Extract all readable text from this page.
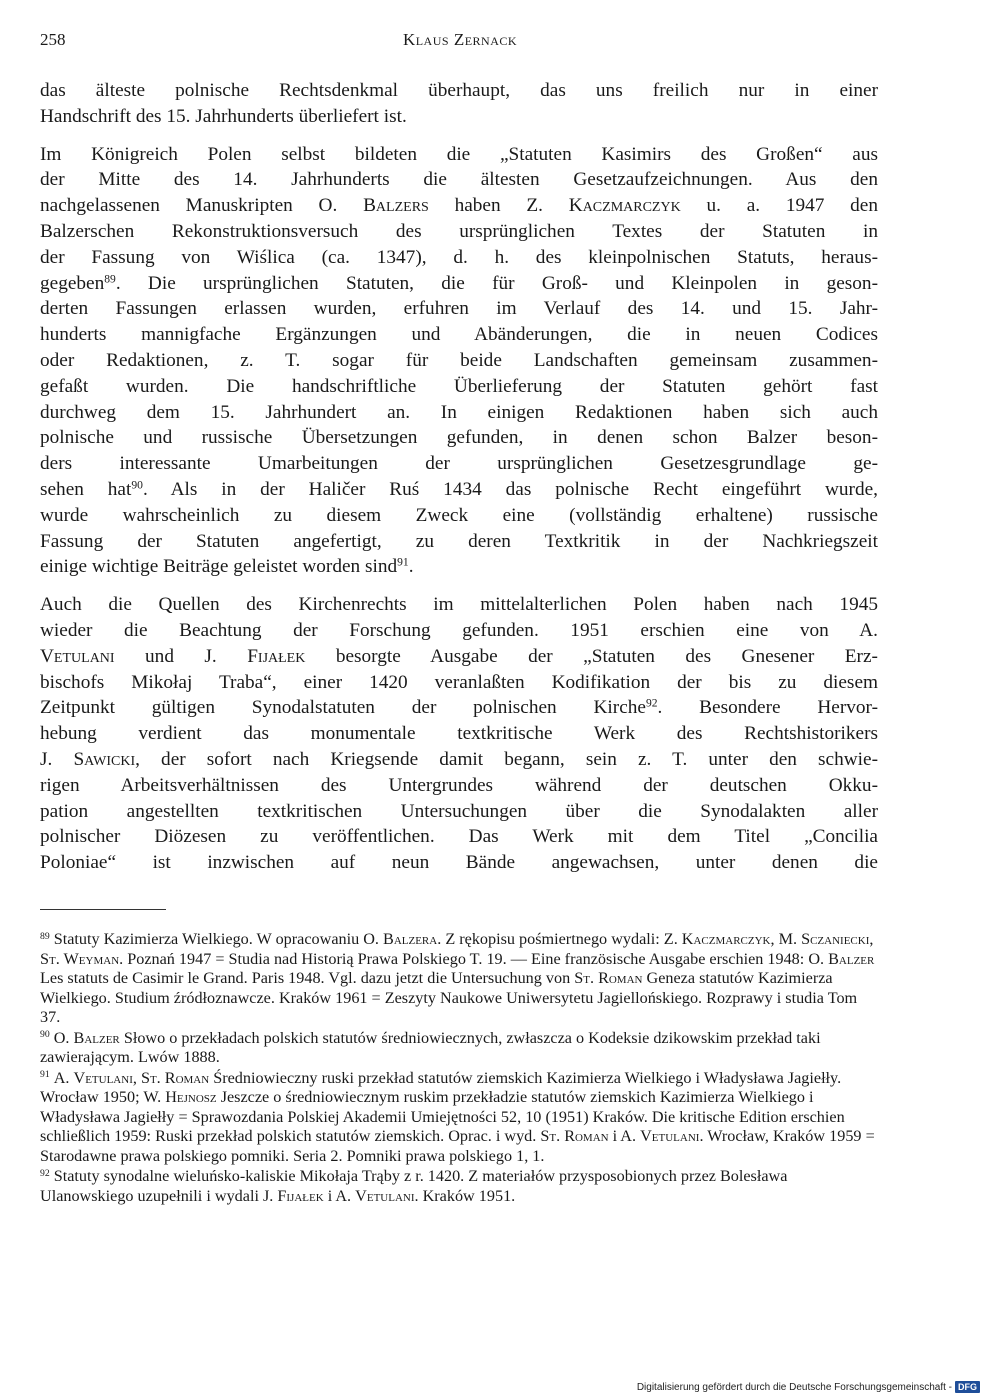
258	Klaus Zernack

das älteste polnische Rechtsdenkmal überhaupt, das uns freilich nur in einer
Handschrift des 15. Jahrhunderts überliefert ist.

Im Königreich Polen selbst bildeten die „Statuten Kasimirs des Großen“ aus
der Mitte des 14. Jahrhunderts die ältesten Gesetzaufzeichnungen. Aus den
nachgelassenen Manuskripten O. Balzers haben Z. Kaczmarczyk u. a. 1947 den
Balzerschen Rekonstruktionsversuch des ursprünglichen Textes der Statuten in
der Fassung von Wiślica (ca. 1347), d. h. des kleinpolnischen Statuts, heraus-
gegeben$^{89}$. Die ursprünglichen Statuten, die für Groß- und Kleinpolen in geson-
derten Fassungen erlassen wurden, erfuhren im Verlauf des 14. und 15. Jahr-
hunderts mannigfache Ergänzungen und Abänderungen, die in neuen Codices
oder Redaktionen, z. T. sogar für beide Landschaften gemeinsam zusammen-
gefaßt wurden. Die handschriftliche Überlieferung der Statuten gehört fast
durchweg dem 15. Jahrhundert an. In einigen Redaktionen haben sich auch
polnische und russische Übersetzungen gefunden, in denen schon Balzer beson-
ders interessante Umarbeitungen der ursprünglichen Gesetzesgrundlage ge-
sehen hat$^{90}$. Als in der Haličer Ruś 1434 das polnische Recht eingeführt wurde,
wurde wahrscheinlich zu diesem Zweck eine (vollständig erhaltene) russische
Fassung der Statuten angefertigt, zu deren Textkritik in der Nachkriegszeit
einige wichtige Beiträge geleistet worden sind$^{91}$.

Auch die Quellen des Kirchenrechts im mittelalterlichen Polen haben nach 1945
wieder die Beachtung der Forschung gefunden. 1951 erschien eine von A.
Vetulani und J. Fijałek besorgte Ausgabe der „Statuten des Gnesener Erz-
bischofs Mikołaj Traba“, einer 1420 veranlaßten Kodifikation der bis zu diesem
Zeitpunkt gültigen Synodalstatuten der polnischen Kirche$^{92}$. Besondere Hervor-
hebung verdient das monumentale textkritische Werk des Rechtshistorikers
J. Sawicki, der sofort nach Kriegsende damit begann, sein z. T. unter den schwie-
rigen Arbeitsverhältnissen des Untergrundes während der deutschen Okku-
pation angestellten textkritischen Untersuchungen über die Synodalakten aller
polnischer Diözesen zu veröffentlichen. Das Werk mit dem Titel „Concilia
Poloniae“ ist inzwischen auf neun Bände angewachsen, unter denen die

$^{89}$ Statuty Kazimierza Wielkiego. W opracowaniu O. Balzera. Z rękopisu pośmiertnego wydali: Z. Kaczmarczyk, M. Sczaniecki, St. Weyman. Poznań 1947 = Studia nad Historią Prawa Polskiego T. 19. — Eine französische Ausgabe erschien 1948: O. Balzer Les statuts de Casimir le Grand. Paris 1948. Vgl. dazu jetzt die Untersuchung von St. Roman Geneza statutów Kazimierza Wielkiego. Studium źródłoznawcze. Kraków 1961 = Zeszyty Naukowe Uniwersytetu Jagiellońskiego. Rozprawy i studia Tom 37.

$^{90}$ O. Balzer Słowo o przekładach polskich statutów średniowiecznych, zwłaszcza o Kodeksie dzikowskim przekład taki zawierającym. Lwów 1888.

$^{91}$ A. Vetulani, St. Roman Średniowieczny ruski przekład statutów ziemskich Kazimierza Wielkiego i Władysława Jagiełły. Wrocław 1950; W. Hejnosz Jeszcze o średniowiecznym ruskim przekładzie statutów ziemskich Kazimierza Wielkiego i Władysława Jagiełły = Sprawozdania Polskiej Akademii Umiejętności 52, 10 (1951) Kraków. Die kritische Edition erschien schließlich 1959: Ruski przekład polskich statutów ziemskich. Oprac. i wyd. St. Roman i A. Vetulani. Wrocław, Kraków 1959 = Starodawne prawa polskiego pomniki. Seria 2. Pomniki prawa polskiego 1, 1.

$^{92}$ Statuty synodalne wieluńsko-kaliskie Mikołaja Trąby z r. 1420. Z materiałów przysposobionych przez Bolesława Ulanowskiego uzupełnili i wydali J. Fijałek i A. Vetulani. Kraków 1951.

Digitalisierung gefördert durch die Deutsche Forschungsgemeinschaft - DFG
